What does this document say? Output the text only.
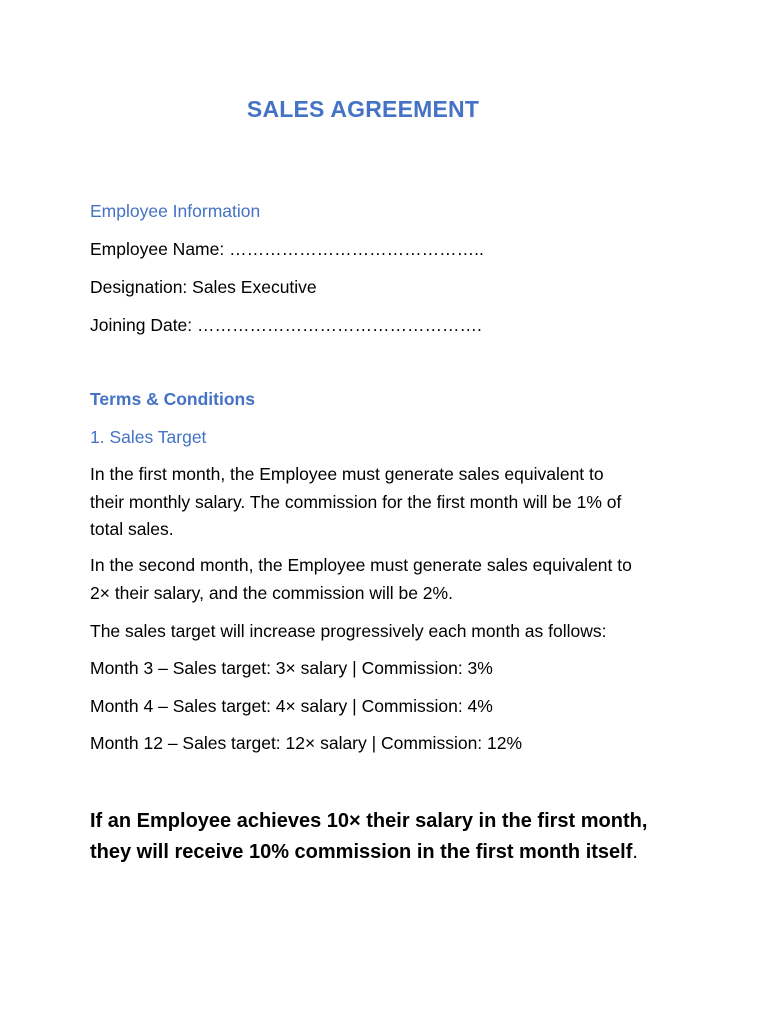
SALES AGREEMENT
Employee Information
Employee Name: ……………………………………..
Designation: Sales Executive
Joining Date: ………………………………………….
Terms & Conditions
1. Sales Target
In the first month, the Employee must generate sales equivalent to
their monthly salary. The commission for the first month will be 1% of
total sales.
In the second month, the Employee must generate sales equivalent to
2× their salary, and the commission will be 2%.
The sales target will increase progressively each month as follows:
Month 3 – Sales target: 3× salary | Commission: 3%
Month 4 – Sales target: 4× salary | Commission: 4%
Month 12 – Sales target: 12× salary | Commission: 12%
If an Employee achieves 10× their salary in the first month,
they will receive 10% commission in the first month itself.
